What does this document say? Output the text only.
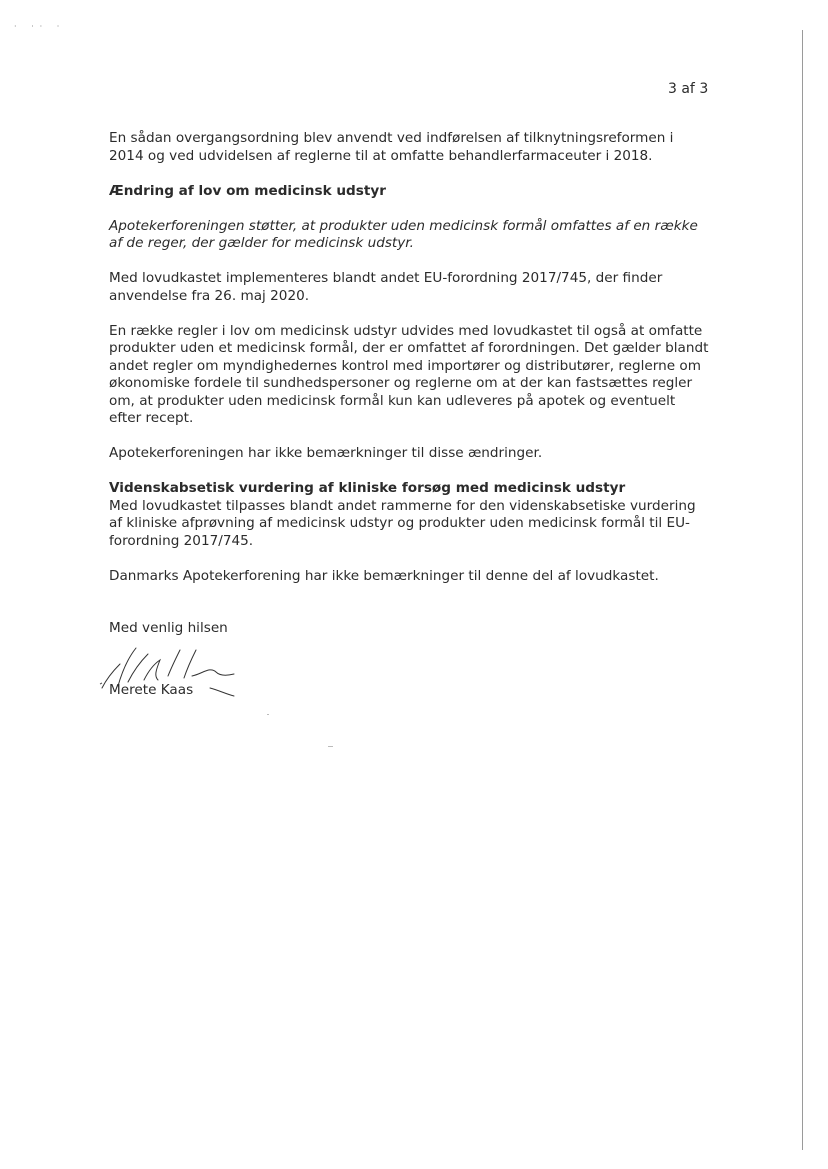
· ·· ·
3 af 3

En sådan overgangsordning blev anvendt ved indførelsen af tilknytningsreformen i 2014 og ved udvidelsen af reglerne til at omfatte behandlerfarmaceuter i 2018.

Ændring af lov om medicinsk udstyr

Apotekerforeningen støtter, at produkter uden medicinsk formål omfattes af en række af de reger, der gælder for medicinsk udstyr.

Med lovudkastet implementeres blandt andet EU-forordning 2017/745, der finder anvendelse fra 26. maj 2020.

En række regler i lov om medicinsk udstyr udvides med lovudkastet til også at omfatte produkter uden et medicinsk formål, der er omfattet af forordningen. Det gælder blandt andet regler om myndighedernes kontrol med importører og distributører, reglerne om økonomiske fordele til sundhedspersoner og reglerne om at der kan fastsættes regler om, at produkter uden medicinsk formål kun kan udleveres på apotek og eventuelt efter recept.

Apotekerforeningen har ikke bemærkninger til disse ændringer.

Videnskabsetisk vurdering af kliniske forsøg med medicinsk udstyr

Med lovudkastet tilpasses blandt andet rammerne for den videnskabsetiske vurdering af kliniske afprøvning af medicinsk udstyr og produkter uden medicinsk formål til EU-forordning 2017/745.

Danmarks Apotekerforening har ikke bemærkninger til denne del af lovudkastet.

Med venlig hilsen

Merete Kaas
